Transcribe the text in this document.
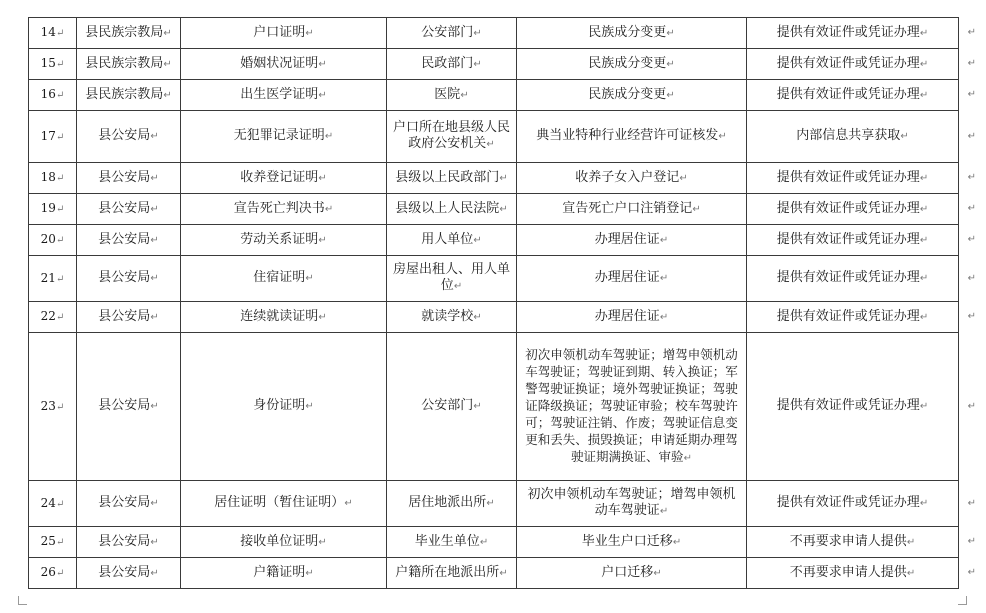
14↵	县民族宗教局↵	户口证明↵	公安部门↵	民族成分变更↵	提供有效证件或凭证办理↵ ↵

15↵	县民族宗教局↵	婚姻状况证明↵	民政部门↵	民族成分变更↵	提供有效证件或凭证办理↵ ↵

16↵	县民族宗教局↵	出生医学证明↵	医院↵	民族成分变更↵	提供有效证件或凭证办理↵ ↵

17↵	县公安局↵	无犯罪记录证明↵	户口所在地县级人民政府公安机关↵	典当业特种行业经营许可证核发↵	内部信息共享获取↵ ↵

18↵	县公安局↵	收养登记证明↵	县级以上民政部门↵	收养子女入户登记↵	提供有效证件或凭证办理↵ ↵

19↵	县公安局↵	宣告死亡判决书↵	县级以上人民法院↵	宣告死亡户口注销登记↵	提供有效证件或凭证办理↵ ↵

20↵	县公安局↵	劳动关系证明↵	用人单位↵	办理居住证↵	提供有效证件或凭证办理↵ ↵

21↵	县公安局↵	住宿证明↵	房屋出租人、用人单位↵	办理居住证↵	提供有效证件或凭证办理↵ ↵

22↵	县公安局↵	连续就读证明↵	就读学校↵	办理居住证↵	提供有效证件或凭证办理↵ ↵

23↵	县公安局↵	身份证明↵	公安部门↵	初次申领机动车驾驶证；增驾申领机动车驾驶证；驾驶证到期、转入换证；军警驾驶证换证；境外驾驶证换证；驾驶证降级换证；驾驶证审验；校车驾驶许可；驾驶证注销、作废；驾驶证信息变更和丢失、损毁换证；申请延期办理驾驶证期满换证、审验↵	提供有效证件或凭证办理↵ ↵

24↵	县公安局↵	居住证明（暂住证明）↵	居住地派出所↵	初次申领机动车驾驶证；增驾申领机动车驾驶证↵	提供有效证件或凭证办理↵ ↵

25↵	县公安局↵	接收单位证明↵	毕业生单位↵	毕业生户口迁移↵	不再要求申请人提供↵ ↵

26↵	县公安局↵	户籍证明↵	户籍所在地派出所↵	户口迁移↵	不再要求申请人提供↵ ↵
